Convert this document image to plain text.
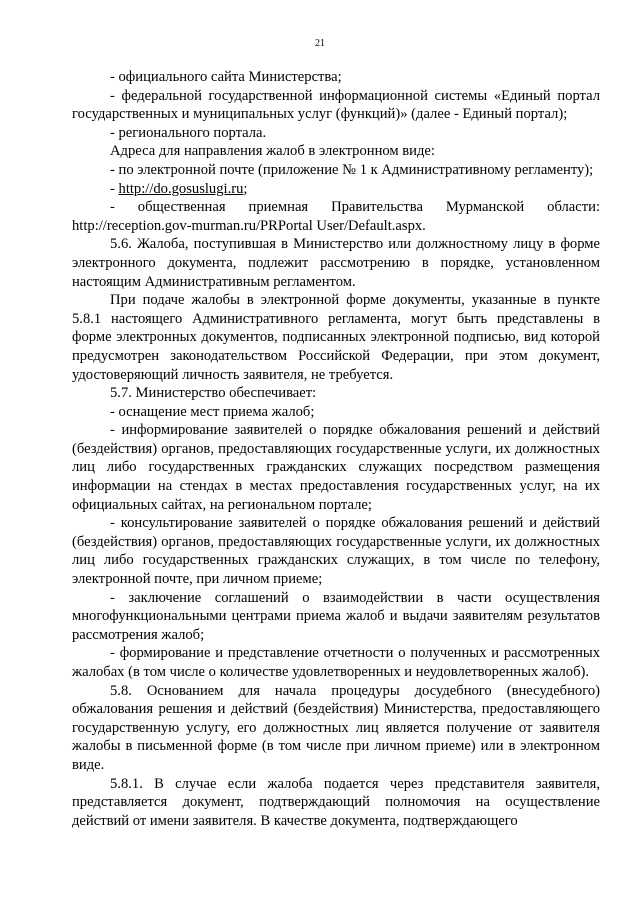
21

- официального сайта Министерства;

- федеральной государственной информационной системы «Единый портал государственных и муниципальных услуг (функций)» (далее - Единый портал);

- регионального портала.

Адреса для направления жалоб в электронном виде:

- по электронной почте (приложение № 1 к Административному регламенту);

- http://do.gosuslugi.ru;

- общественная приемная Правительства Мурманской области: http://reception.gov-murman.ru/PRPortal User/Default.aspx.

5.6. Жалоба, поступившая в Министерство или должностному лицу в форме электронного документа, подлежит рассмотрению в порядке, установленном настоящим Административным регламентом.

При подаче жалобы в электронной форме документы, указанные в пункте 5.8.1 настоящего Административного регламента, могут быть представлены в форме электронных документов, подписанных электронной подписью, вид которой предусмотрен законодательством Российской Федерации, при этом документ, удостоверяющий личность заявителя, не требуется.

5.7. Министерство обеспечивает:

- оснащение мест приема жалоб;

- информирование заявителей о порядке обжалования решений и действий (бездействия) органов, предоставляющих государственные услуги, их должностных лиц либо государственных гражданских служащих посредством размещения информации на стендах в местах предоставления государственных услуг, на их официальных сайтах, на региональном портале;

- консультирование заявителей о порядке обжалования решений и действий (бездействия) органов, предоставляющих государственные услуги, их должностных лиц либо государственных гражданских служащих, в том числе по телефону, электронной почте, при личном приеме;

- заключение соглашений о взаимодействии в части осуществления многофункциональными центрами приема жалоб и выдачи заявителям результатов рассмотрения жалоб;

- формирование и представление отчетности о полученных и рассмотренных жалобах (в том числе о количестве удовлетворенных и неудовлетворенных жалоб).

5.8. Основанием для начала процедуры досудебного (внесудебного) обжалования решения и действий (бездействия) Министерства, предоставляющего государственную услугу, его должностных лиц является получение от заявителя жалобы в письменной форме (в том числе при личном приеме) или в электронном виде.

5.8.1. В случае если жалоба подается через представителя заявителя, представляется документ, подтверждающий полномочия на осуществление действий от имени заявителя. В качестве документа, подтверждающего
